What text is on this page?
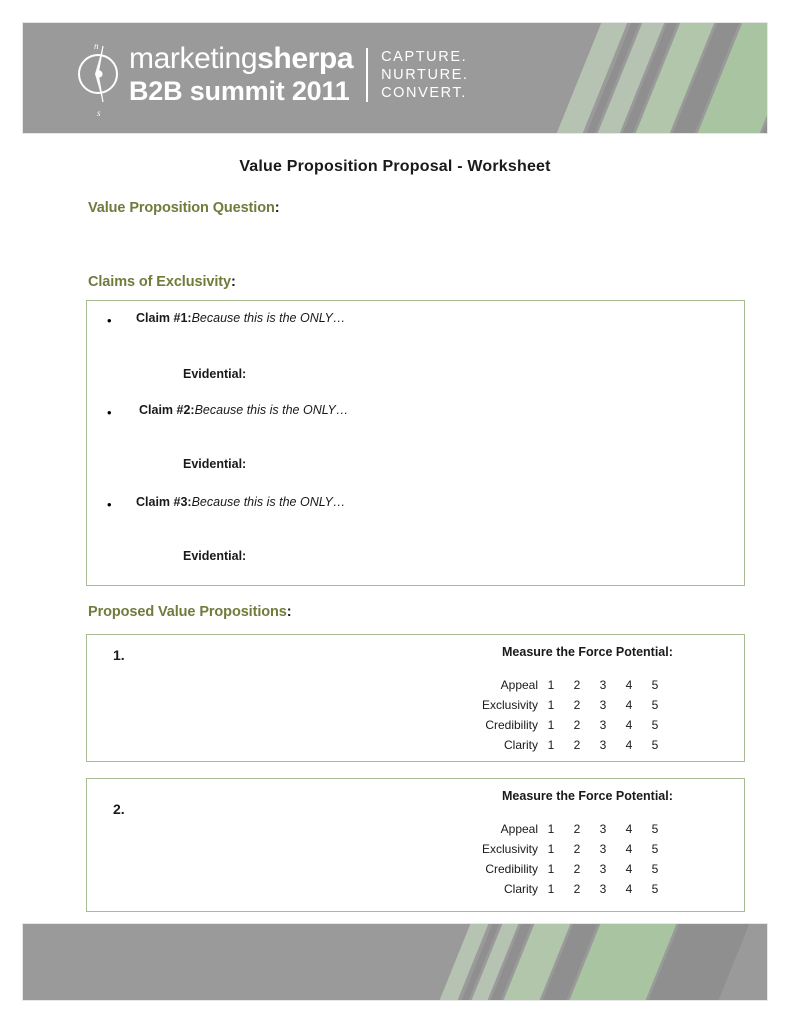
n
s
marketingsherpa
B2B summit 2011
CAPTURE.
NURTURE.
CONVERT.
Value Proposition Proposal - Worksheet
Value Proposition Question:
Claims of Exclusivity:
• Claim #1:Because this is the ONLY…
Evidential:
• Claim #2:Because this is the ONLY…
Evidential:
• Claim #3:Because this is the ONLY…
Evidential:
Proposed Value Propositions:
1.	Measure the Force Potential:
Appeal	1	2	3	4	5
Exclusivity	1	2	3	4	5
Credibility	1	2	3	4	5
Clarity	1	2	3	4	5
2.
Measure the Force Potential:
Appeal	1	2	3	4	5
Exclusivity	1	2	3	4	5
Credibility	1	2	3	4	5
Clarity	1	2	3	4	5
